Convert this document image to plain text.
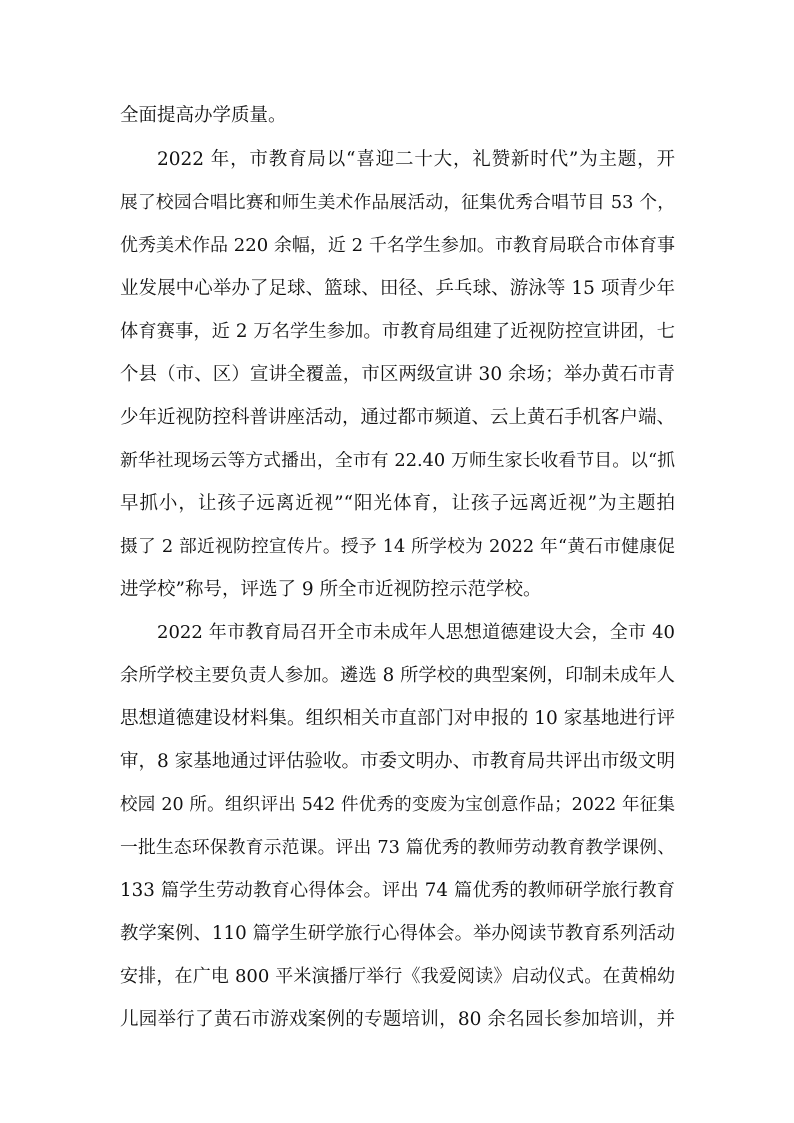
全面提高办学质量。
2022 年，市教育局以“喜迎二十大，礼赞新时代”为主题，开
展了校园合唱比赛和师生美术作品展活动，征集优秀合唱节目 53 个，
优秀美术作品 220 余幅，近 2 千名学生参加。市教育局联合市体育事
业发展中心举办了足球、篮球、田径、乒乓球、游泳等 15 项青少年
体育赛事，近 2 万名学生参加。市教育局组建了近视防控宣讲团，七
个县（市、区）宣讲全覆盖，市区两级宣讲 30 余场；举办黄石市青
少年近视防控科普讲座活动，通过都市频道、云上黄石手机客户端、
新华社现场云等方式播出，全市有 22.40 万师生家长收看节目。以“抓
早抓小，让孩子远离近视”“阳光体育，让孩子远离近视”为主题拍
摄了 2 部近视防控宣传片。授予 14 所学校为 2022 年“黄石市健康促
进学校”称号，评选了 9 所全市近视防控示范学校。
2022 年市教育局召开全市未成年人思想道德建设大会，全市 40
余所学校主要负责人参加。遴选 8 所学校的典型案例，印制未成年人
思想道德建设材料集。组织相关市直部门对申报的 10 家基地进行评
审，8 家基地通过评估验收。市委文明办、市教育局共评出市级文明
校园 20 所。组织评出 542 件优秀的变废为宝创意作品；2022 年征集
一批生态环保教育示范课。评出 73 篇优秀的教师劳动教育教学课例、
133 篇学生劳动教育心得体会。评出 74 篇优秀的教师研学旅行教育
教学案例、110 篇学生研学旅行心得体会。举办阅读节教育系列活动
安排，在广电 800 平米演播厅举行《我爱阅读》启动仪式。在黄棉幼
儿园举行了黄石市游戏案例的专题培训，80 余名园长参加培训，并
